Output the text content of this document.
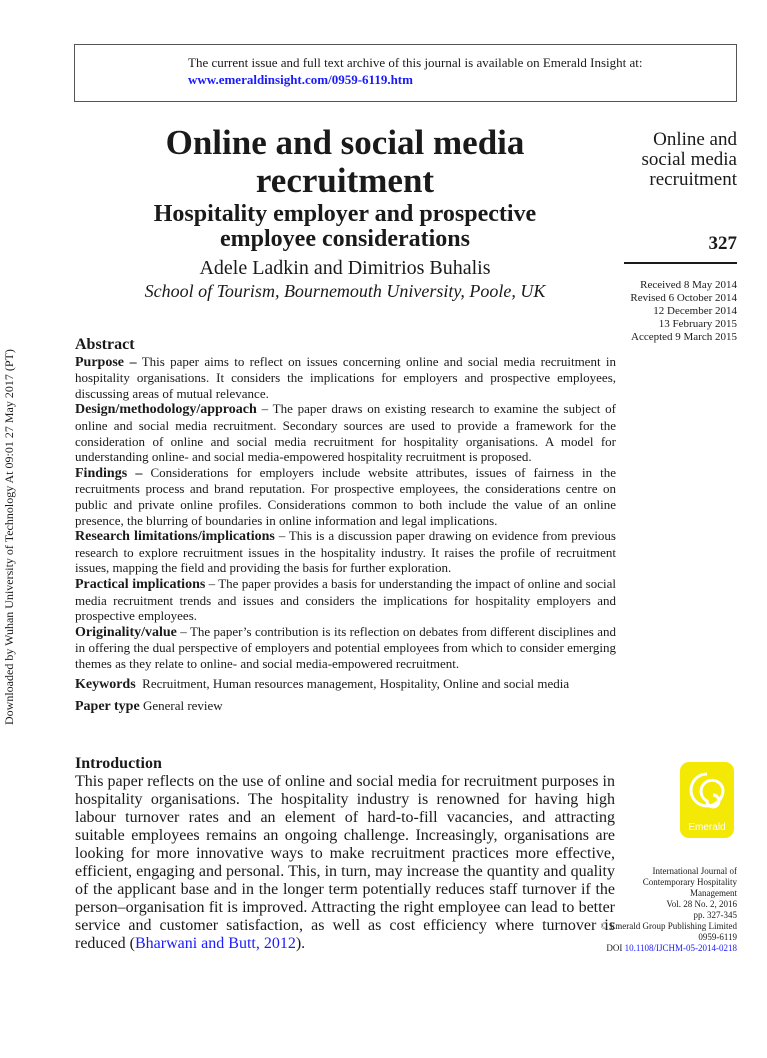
The current issue and full text archive of this journal is available on Emerald Insight at:
www.emeraldinsight.com/0959-6119.htm
Downloaded by Wuhan University of Technology At 09:01 27 May 2017 (PT)
Online and social media
recruitment
Hospitality employer and prospective
employee considerations
Adele Ladkin and Dimitrios Buhalis
School of Tourism, Bournemouth University, Poole, UK
Online and
social media
recruitment
327
Received 8 May 2014
Revised 6 October 2014
12 December 2014
13 February 2015
Accepted 9 March 2015
Abstract

Purpose – This paper aims to reflect on issues concerning online and social media recruitment in hospitality organisations. It considers the implications for employers and prospective employees, discussing areas of mutual relevance.

Design/methodology/approach – The paper draws on existing research to examine the subject of online and social media recruitment. Secondary sources are used to provide a framework for the consideration of online and social media recruitment for hospitality organisations. A model for understanding online- and social media-empowered hospitality recruitment is proposed.

Findings – Considerations for employers include website attributes, issues of fairness in the recruitments process and brand reputation. For prospective employees, the considerations centre on public and private online profiles. Considerations common to both include the value of an online presence, the blurring of boundaries in online information and legal implications.

Research limitations/implications – This is a discussion paper drawing on evidence from previous research to explore recruitment issues in the hospitality industry. It raises the profile of recruitment issues, mapping the field and providing the basis for further exploration.

Practical implications – The paper provides a basis for understanding the impact of online and social media recruitment trends and issues and considers the implications for hospitality employers and prospective employees.

Originality/value – The paper’s contribution is its reflection on debates from different disciplines and in offering the dual perspective of employers and potential employees from which to consider emerging themes as they relate to online- and social media-empowered recruitment.

Keywords Recruitment, Human resources management, Hospitality, Online and social media

Paper type General review

Introduction

This paper reflects on the use of online and social media for recruitment purposes in hospitality organisations. The hospitality industry is renowned for having high labour turnover rates and an element of hard-to-fill vacancies, and attracting suitable employees remains an ongoing challenge. Increasingly, organisations are looking for more innovative ways to make recruitment practices more effective, efficient, engaging and personal. This, in turn, may increase the quantity and quality of the applicant base and in the longer term potentially reduces staff turnover if the person–organisation fit is improved. Attracting the right employee can lead to better service and customer satisfaction, as well as cost efficiency where turnover is reduced (Bharwani and Butt, 2012).

Emerald
International Journal of
Contemporary Hospitality
Management
Vol. 28 No. 2, 2016
pp. 327-345
© Emerald Group Publishing Limited
0959-6119
DOI 10.1108/IJCHM-05-2014-0218
